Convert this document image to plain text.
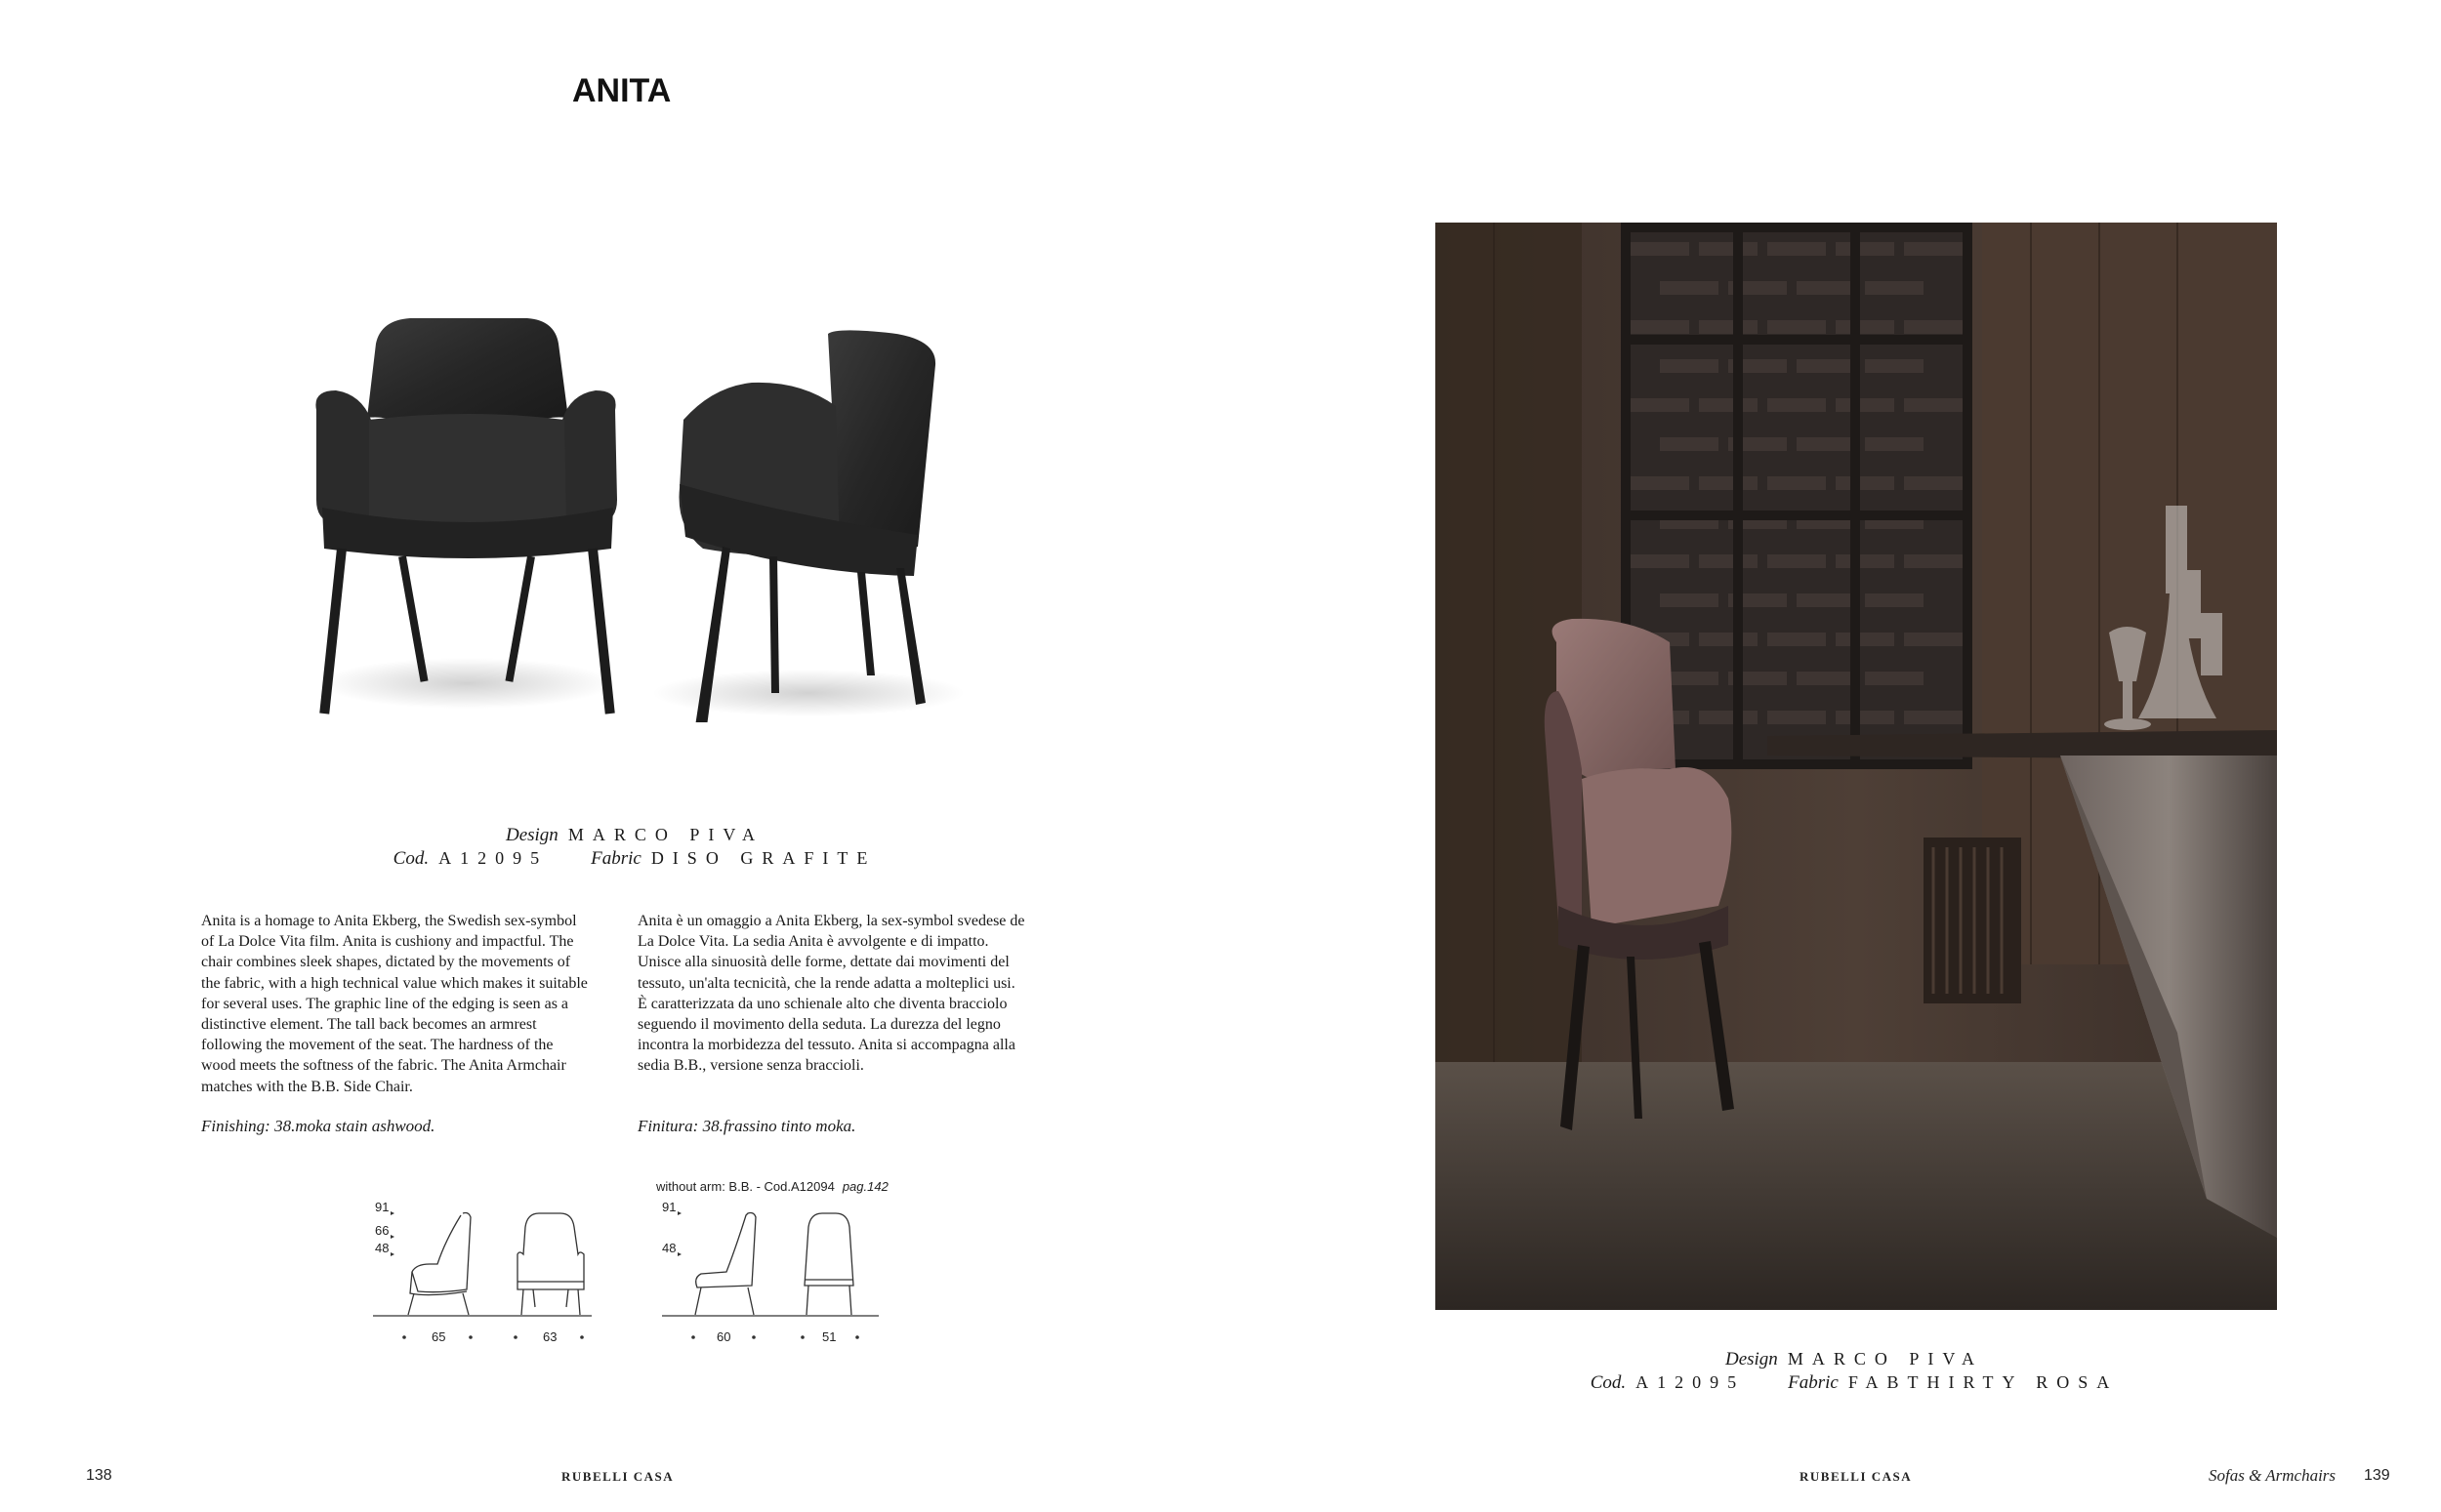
ANITA
Design MARCO PIVA
Cod. A12095 Fabric DISO GRAFITE
Anita is a homage to Anita Ekberg, the Swedish sex-symbol of La Dolce Vita film. Anita is cushiony and impactful. The chair combines sleek shapes, dictated by the movements of the fabric, with a high technical value which makes it suitable for several uses. The graphic line of the edging is seen as a distinctive element. The tall back becomes an armrest following the movement of the seat. The hardness of the wood meets the softness of the fabric. The Anita Armchair matches with the B.B. Side Chair.
Anita è un omaggio a Anita Ekberg, la sex-symbol svedese de La Dolce Vita. La sedia Anita è avvolgente e di impatto. Unisce alla sinuosità delle forme, dettate dai movimenti del tessuto, un'alta tecnicità, che la rende adatta a molteplici usi. È caratterizzata da uno schienale alto che diventa bracciolo seguendo il movimento della seduta. La durezza del legno incontra la morbidezza del tessuto. Anita si accompagna alla sedia B.B., versione senza braccioli.
Finishing: 38.moka stain ashwood.	Finitura: 38.frassino tinto moka.
without arm: B.B. - Cod.A12094 pag.142
91
66
48
65	63
91
48
60	51
Design MARCO PIVA
Cod. A12095 Fabric FABTHIRTY ROSA
138	RUBELLI CASA	RUBELLI CASA	Sofas & Armchairs 139
